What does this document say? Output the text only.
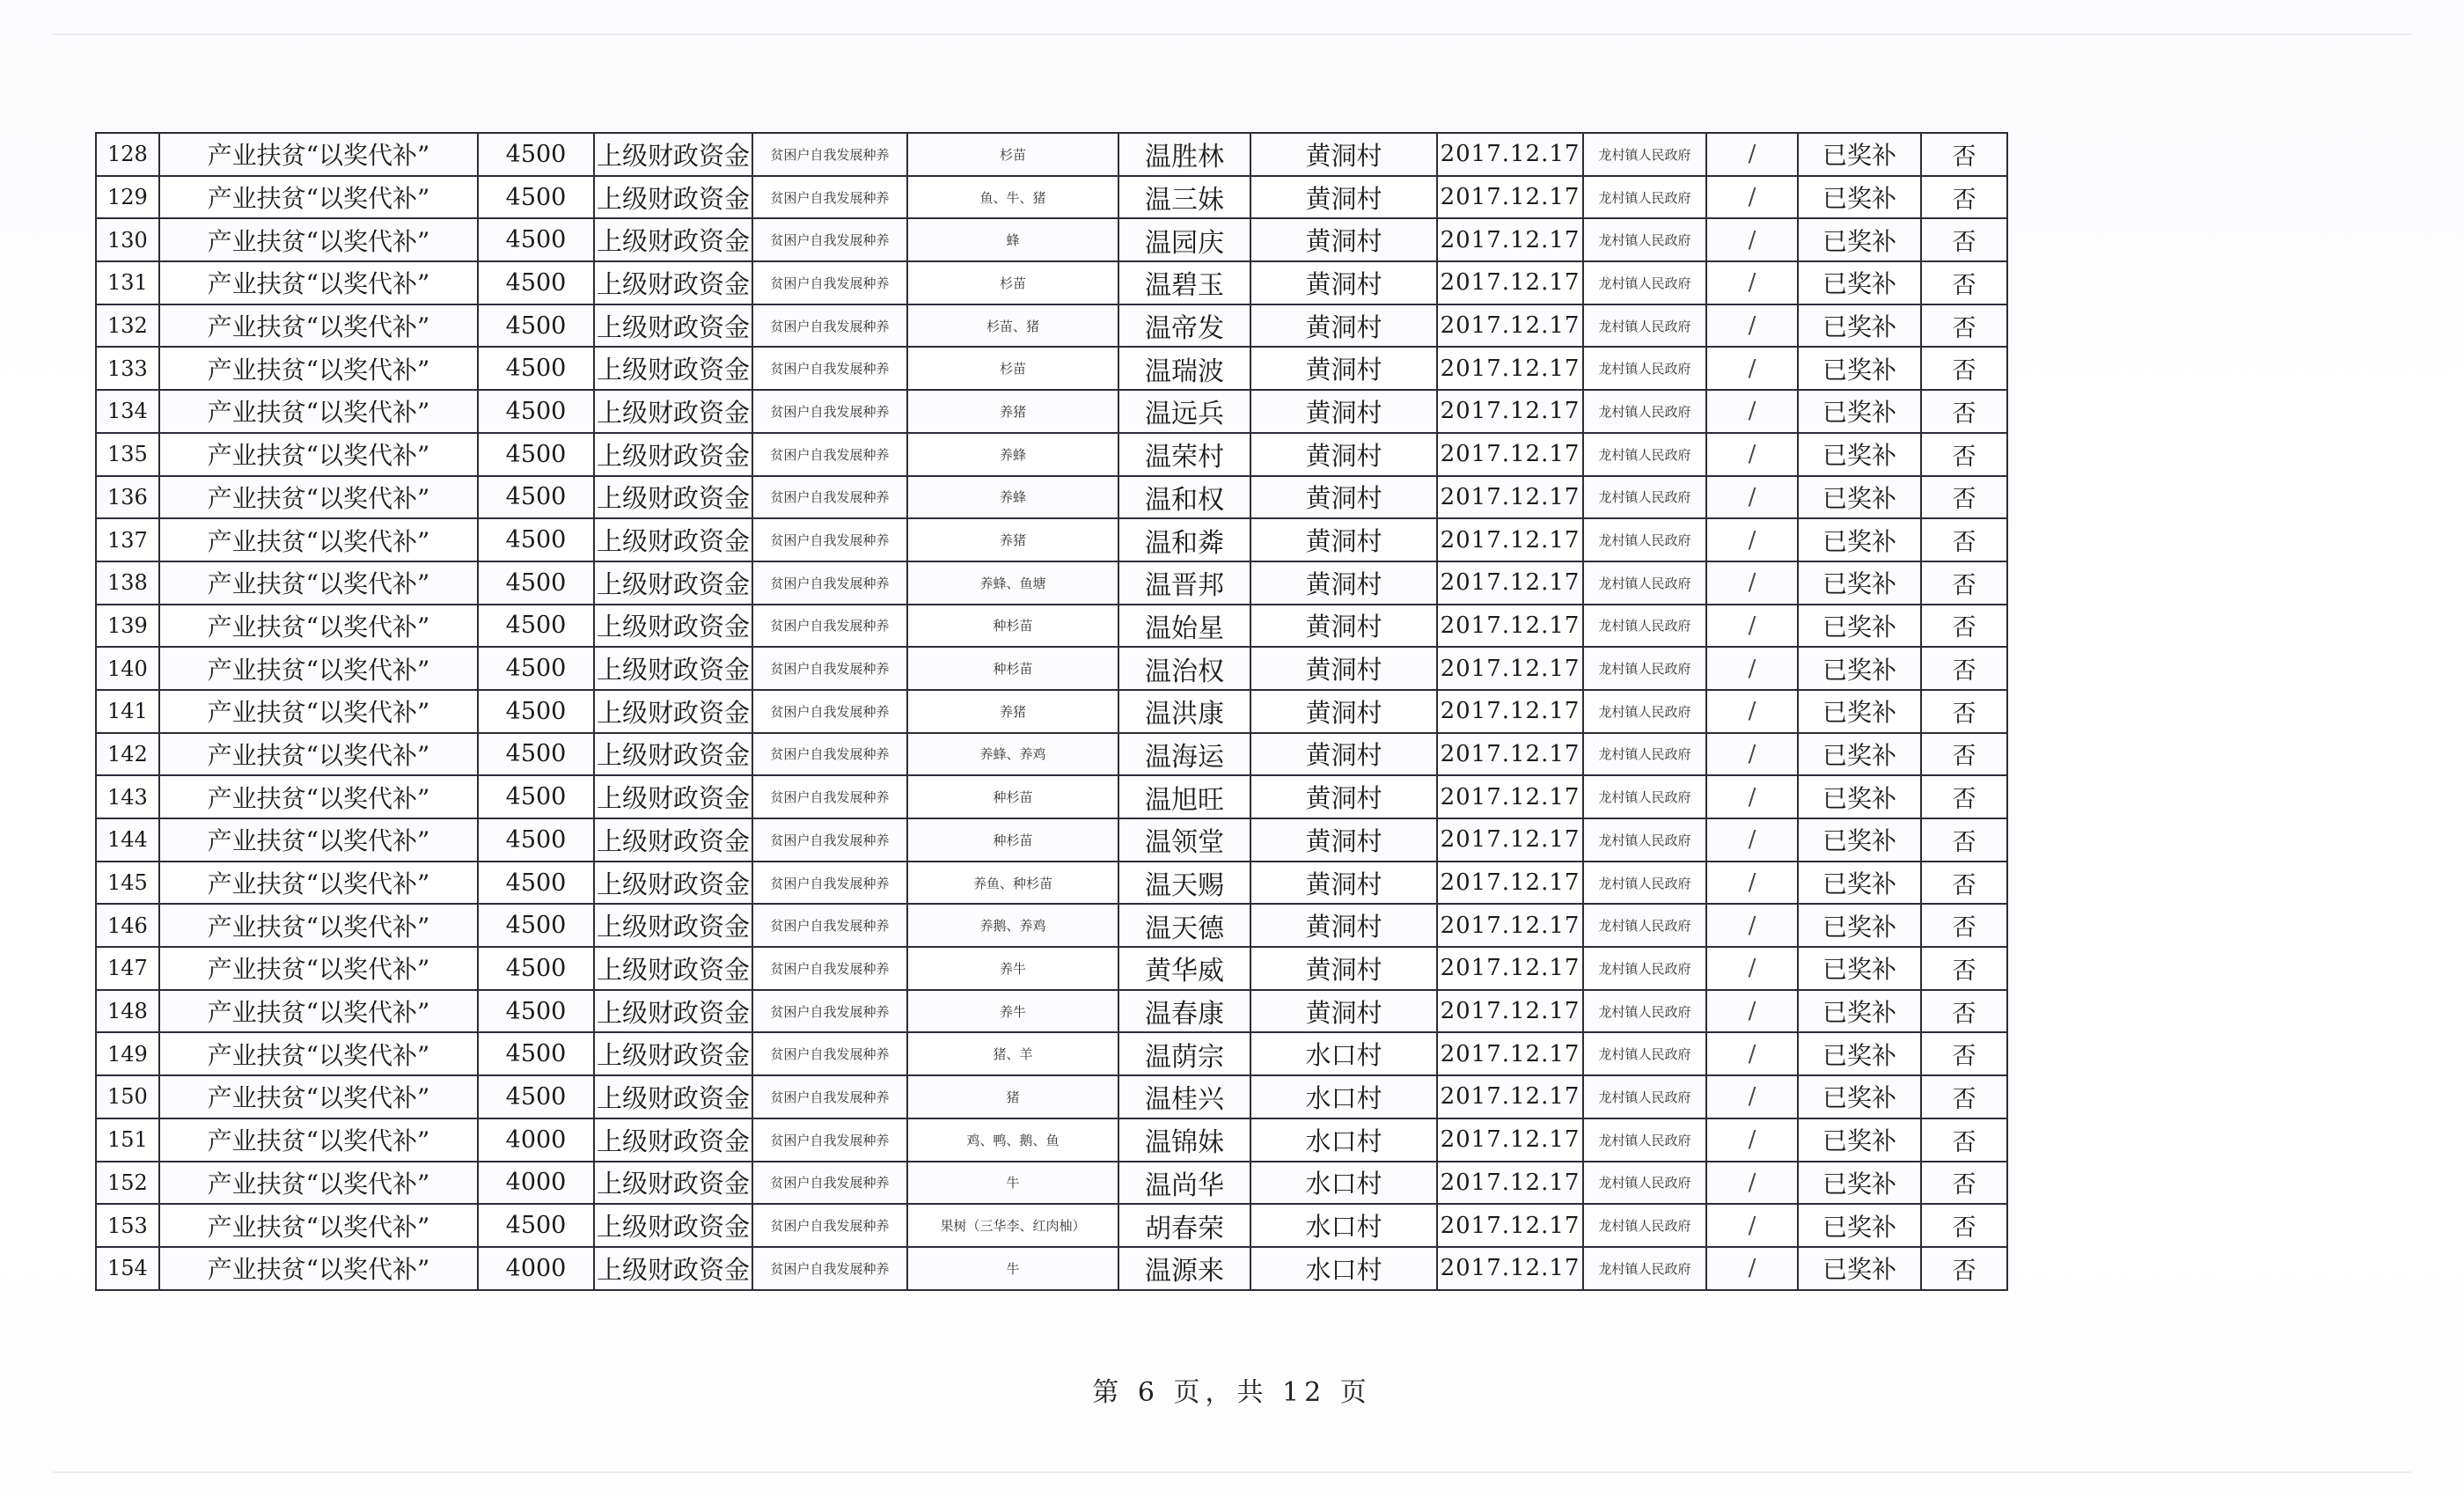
128	产业扶贫“以奖代补”	4500	上级财政资金	贫困户自我发展种养	杉苗	温胜林	黄洞村	2017.12.17	龙村镇人民政府	/	已奖补	否
129	产业扶贫“以奖代补”	4500	上级财政资金	贫困户自我发展种养	鱼、牛、猪	温三妹	黄洞村	2017.12.17	龙村镇人民政府	/	已奖补	否
130	产业扶贫“以奖代补”	4500	上级财政资金	贫困户自我发展种养	蜂	温园庆	黄洞村	2017.12.17	龙村镇人民政府	/	已奖补	否
131	产业扶贫“以奖代补”	4500	上级财政资金	贫困户自我发展种养	杉苗	温碧玉	黄洞村	2017.12.17	龙村镇人民政府	/	已奖补	否
132	产业扶贫“以奖代补”	4500	上级财政资金	贫困户自我发展种养	杉苗、猪	温帝发	黄洞村	2017.12.17	龙村镇人民政府	/	已奖补	否
133	产业扶贫“以奖代补”	4500	上级财政资金	贫困户自我发展种养	杉苗	温瑞波	黄洞村	2017.12.17	龙村镇人民政府	/	已奖补	否
134	产业扶贫“以奖代补”	4500	上级财政资金	贫困户自我发展种养	养猪	温远兵	黄洞村	2017.12.17	龙村镇人民政府	/	已奖补	否
135	产业扶贫“以奖代补”	4500	上级财政资金	贫困户自我发展种养	养蜂	温荣村	黄洞村	2017.12.17	龙村镇人民政府	/	已奖补	否
136	产业扶贫“以奖代补”	4500	上级财政资金	贫困户自我发展种养	养蜂	温和权	黄洞村	2017.12.17	龙村镇人民政府	/	已奖补	否
137	产业扶贫“以奖代补”	4500	上级财政资金	贫困户自我发展种养	养猪	温和粦	黄洞村	2017.12.17	龙村镇人民政府	/	已奖补	否
138	产业扶贫“以奖代补”	4500	上级财政资金	贫困户自我发展种养	养蜂、鱼塘	温晋邦	黄洞村	2017.12.17	龙村镇人民政府	/	已奖补	否
139	产业扶贫“以奖代补”	4500	上级财政资金	贫困户自我发展种养	种杉苗	温始星	黄洞村	2017.12.17	龙村镇人民政府	/	已奖补	否
140	产业扶贫“以奖代补”	4500	上级财政资金	贫困户自我发展种养	种杉苗	温治权	黄洞村	2017.12.17	龙村镇人民政府	/	已奖补	否
141	产业扶贫“以奖代补”	4500	上级财政资金	贫困户自我发展种养	养猪	温洪康	黄洞村	2017.12.17	龙村镇人民政府	/	已奖补	否
142	产业扶贫“以奖代补”	4500	上级财政资金	贫困户自我发展种养	养蜂、养鸡	温海运	黄洞村	2017.12.17	龙村镇人民政府	/	已奖补	否
143	产业扶贫“以奖代补”	4500	上级财政资金	贫困户自我发展种养	种杉苗	温旭旺	黄洞村	2017.12.17	龙村镇人民政府	/	已奖补	否
144	产业扶贫“以奖代补”	4500	上级财政资金	贫困户自我发展种养	种杉苗	温领堂	黄洞村	2017.12.17	龙村镇人民政府	/	已奖补	否
145	产业扶贫“以奖代补”	4500	上级财政资金	贫困户自我发展种养	养鱼、种杉苗	温天赐	黄洞村	2017.12.17	龙村镇人民政府	/	已奖补	否
146	产业扶贫“以奖代补”	4500	上级财政资金	贫困户自我发展种养	养鹅、养鸡	温天德	黄洞村	2017.12.17	龙村镇人民政府	/	已奖补	否
147	产业扶贫“以奖代补”	4500	上级财政资金	贫困户自我发展种养	养牛	黄华威	黄洞村	2017.12.17	龙村镇人民政府	/	已奖补	否
148	产业扶贫“以奖代补”	4500	上级财政资金	贫困户自我发展种养	养牛	温春康	黄洞村	2017.12.17	龙村镇人民政府	/	已奖补	否
149	产业扶贫“以奖代补”	4500	上级财政资金	贫困户自我发展种养	猪、羊	温荫宗	水口村	2017.12.17	龙村镇人民政府	/	已奖补	否
150	产业扶贫“以奖代补”	4500	上级财政资金	贫困户自我发展种养	猪	温桂兴	水口村	2017.12.17	龙村镇人民政府	/	已奖补	否
151	产业扶贫“以奖代补”	4000	上级财政资金	贫困户自我发展种养	鸡、鸭、鹅、鱼	温锦妹	水口村	2017.12.17	龙村镇人民政府	/	已奖补	否
152	产业扶贫“以奖代补”	4000	上级财政资金	贫困户自我发展种养	牛	温尚华	水口村	2017.12.17	龙村镇人民政府	/	已奖补	否
153	产业扶贫“以奖代补”	4500	上级财政资金	贫困户自我发展种养	果树（三华李、红肉柚）	胡春荣	水口村	2017.12.17	龙村镇人民政府	/	已奖补	否
154	产业扶贫“以奖代补”	4000	上级财政资金	贫困户自我发展种养	牛	温源来	水口村	2017.12.17	龙村镇人民政府	/	已奖补	否
第 6 页，共 12 页
